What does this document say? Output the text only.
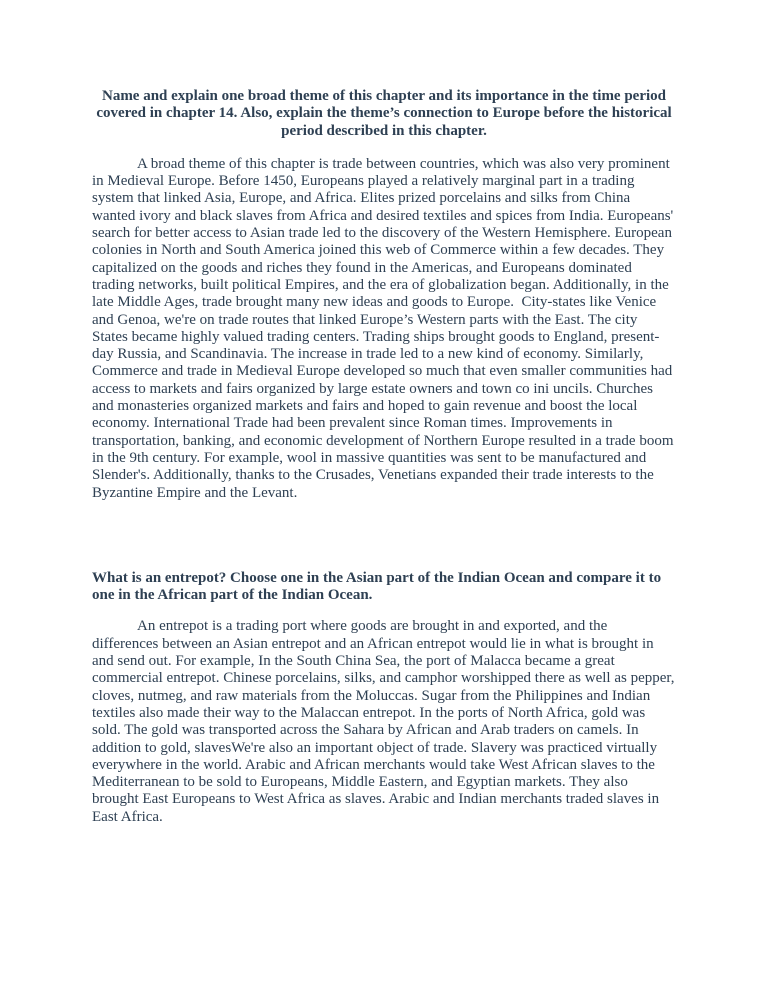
Name and explain one broad theme of this chapter and its importance in the time period covered in chapter 14. Also, explain the theme’s connection to Europe before the historical period described in this chapter.

A broad theme of this chapter is trade between countries, which was also very prominent in Medieval Europe. Before 1450, Europeans played a relatively marginal part in a trading system that linked Asia, Europe, and Africa. Elites prized porcelains and silks from China wanted ivory and black slaves from Africa and desired textiles and spices from India. Europeans' search for better access to Asian trade led to the discovery of the Western Hemisphere. European colonies in North and South America joined this web of Commerce within a few decades. They capitalized on the goods and riches they found in the Americas, and Europeans dominated trading networks, built political Empires, and the era of globalization began. Additionally, in the late Middle Ages, trade brought many new ideas and goods to Europe.  City-states like Venice and Genoa, we're on trade routes that linked Europe’s Western parts with the East. The city States became highly valued trading centers. Trading ships brought goods to England, present-day Russia, and Scandinavia. The increase in trade led to a new kind of economy. Similarly, Commerce and trade in Medieval Europe developed so much that even smaller communities had access to markets and fairs organized by large estate owners and town co ini uncils. Churches and monasteries organized markets and fairs and hoped to gain revenue and boost the local economy. International Trade had been prevalent since Roman times. Improvements in transportation, banking, and economic development of Northern Europe resulted in a trade boom in the 9th century. For example, wool in massive quantities was sent to be manufactured and Slender's. Additionally, thanks to the Crusades, Venetians expanded their trade interests to the Byzantine Empire and the Levant.

What is an entrepot? Choose one in the Asian part of the Indian Ocean and compare it to one in the African part of the Indian Ocean.

An entrepot is a trading port where goods are brought in and exported, and the differences between an Asian entrepot and an African entrepot would lie in what is brought in and send out. For example, In the South China Sea, the port of Malacca became a great commercial entrepot. Chinese porcelains, silks, and camphor worshipped there as well as pepper, cloves, nutmeg, and raw materials from the Moluccas. Sugar from the Philippines and Indian textiles also made their way to the Malaccan entrepot. In the ports of North Africa, gold was sold. The gold was transported across the Sahara by African and Arab traders on camels. In addition to gold, slavesWe're also an important object of trade. Slavery was practiced virtually everywhere in the world. Arabic and African merchants would take West African slaves to the Mediterranean to be sold to Europeans, Middle Eastern, and Egyptian markets. They also brought East Europeans to West Africa as slaves. Arabic and Indian merchants traded slaves in East Africa.
